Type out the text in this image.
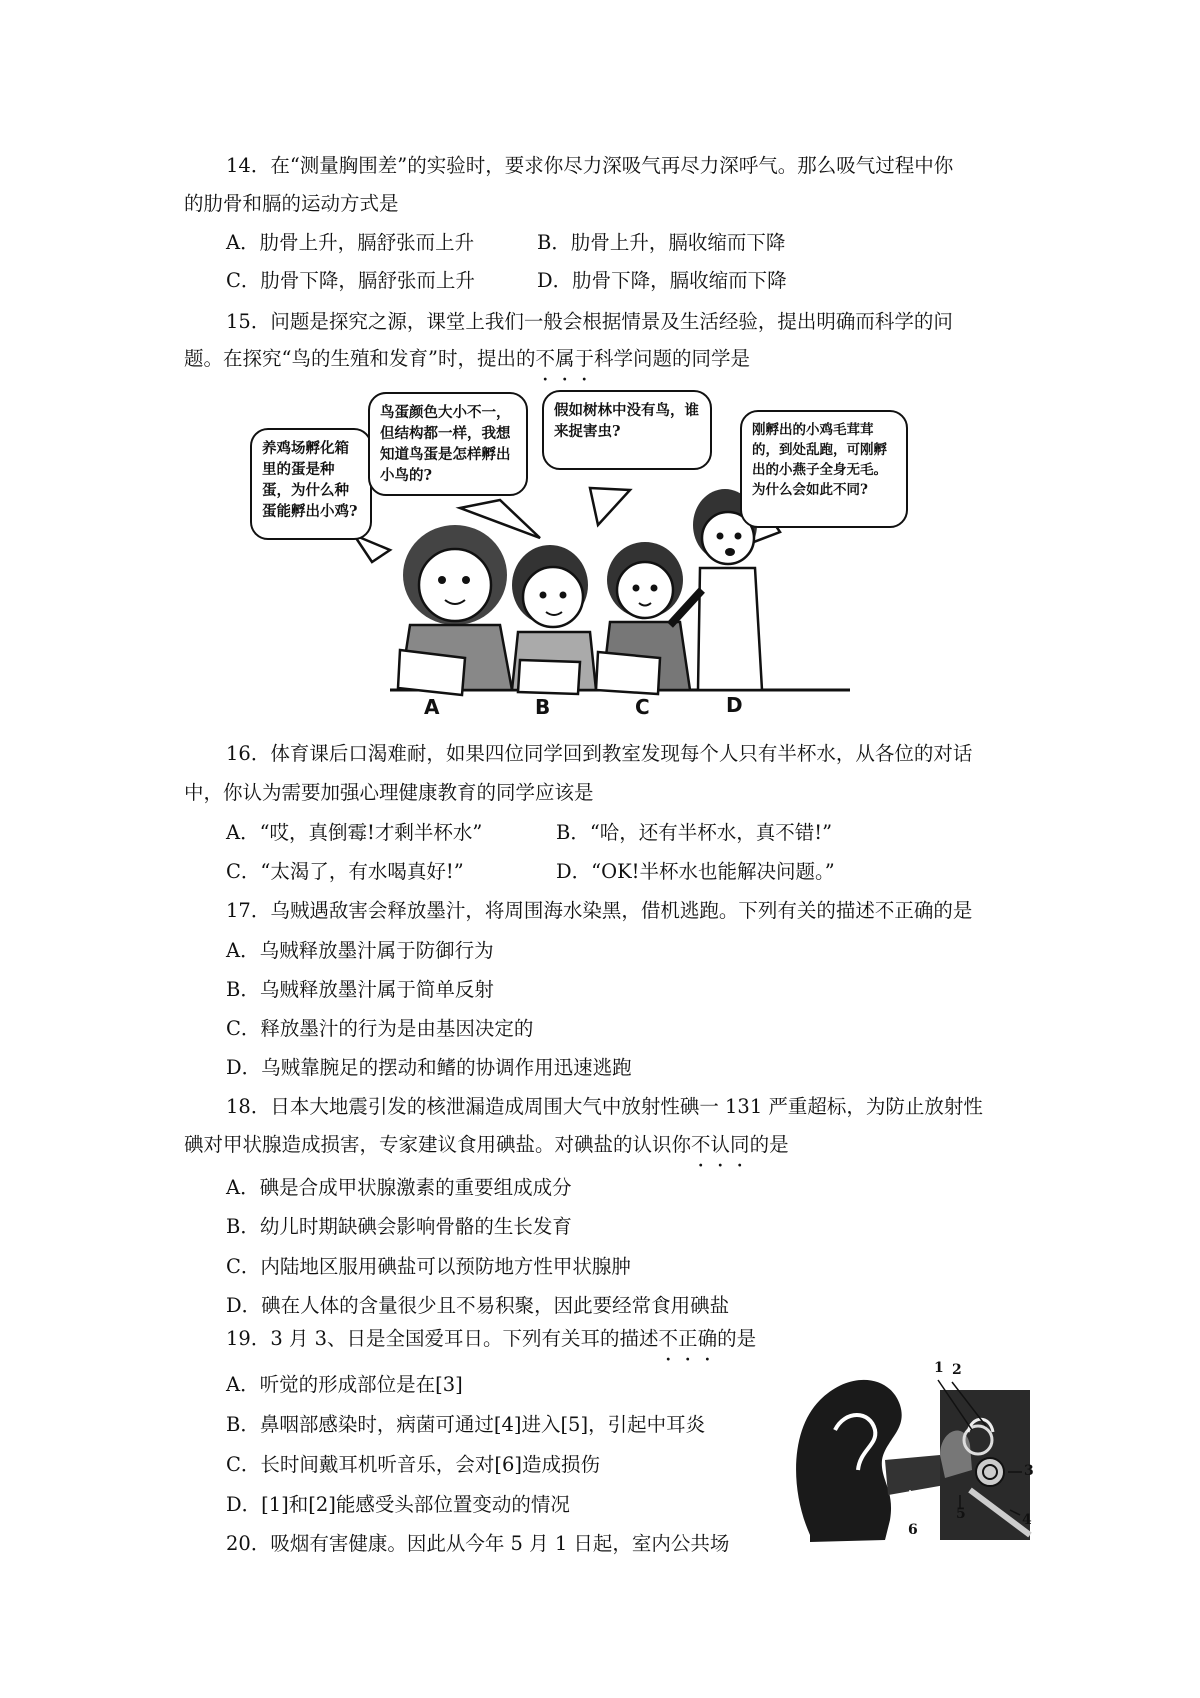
14．在“测量胸围差”的实验时，要求你尽力深吸气再尽力深呼气。那么吸气过程中你
的肋骨和膈的运动方式是
A．肋骨上升，膈舒张而上升	B．肋骨上升，膈收缩而下降
C．肋骨下降，膈舒张而上升	D．肋骨下降，膈收缩而下降
15．问题是探究之源，课堂上我们一般会根据情景及生活经验，提出明确而科学的问
题。在探究“鸟的生殖和发育”时，提出的不属于科学问题的同学是
养鸡场孵化箱里的蛋是种蛋，为什么种蛋能孵出小鸡?
鸟蛋颜色大小不一，但结构都一样，我想知道鸟蛋是怎样孵出小鸟的?
假如树林中没有鸟，谁来捉害虫?	刚孵出的小鸡毛茸茸的，到处乱跑，可刚孵出的小燕子全身无毛。为什么会如此不同?
A	B	C	D
16．体育课后口渴难耐，如果四位同学回到教室发现每个人只有半杯水，从各位的对话
中，你认为需要加强心理健康教育的同学应该是
A．“哎，真倒霉!才剩半杯水”	B．“哈，还有半杯水，真不错!”
C．“太渴了，有水喝真好!”	D．“OK!半杯水也能解决问题。”
17．乌贼遇敌害会释放墨汁，将周围海水染黑，借机逃跑。下列有关的描述不正确的是
A．乌贼释放墨汁属于防御行为
B．乌贼释放墨汁属于简单反射
C．释放墨汁的行为是由基因决定的
D．乌贼靠腕足的摆动和鳍的协调作用迅速逃跑
18．日本大地震引发的核泄漏造成周围大气中放射性碘一 131 严重超标，为防止放射性
碘对甲状腺造成损害，专家建议食用碘盐。对碘盐的认识你不认同的是
A．碘是合成甲状腺激素的重要组成成分
B．幼儿时期缺碘会影响骨骼的生长发育
C．内陆地区服用碘盐可以预防地方性甲状腺肿
D．碘在人体的含量很少且不易积聚，因此要经常食用碘盐
19．3 月 3、日是全国爱耳日。下列有关耳的描述不正确的是
A．听觉的形成部位是在[3]
B．鼻咽部感染时，病菌可通过[4]进入[5]，引起中耳炎
C．长时间戴耳机听音乐，会对[6]造成损伤
D．[1]和[2]能感受头部位置变动的情况
1 2
3
4
5
6
20．吸烟有害健康。因此从今年 5 月 1 日起，室内公共场
